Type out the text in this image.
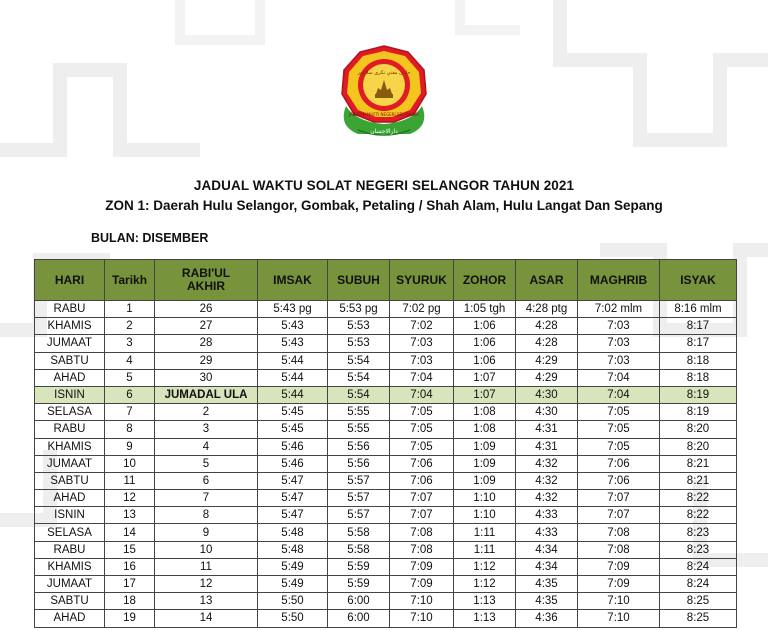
دارالاحسان
جابتن مفتي نڬري سلاڠور
JABATAN MUFTI NEGERI SELANGOR
JADUAL WAKTU SOLAT NEGERI SELANGOR TAHUN 2021
ZON 1: Daerah Hulu Selangor, Gombak, Petaling / Shah Alam, Hulu Langat Dan Sepang
BULAN: DISEMBER
HARI	Tarikh	RABI'UL AKHIR	IMSAK	SUBUH	SYURUK	ZOHOR	ASAR	MAGHRIB	ISYAK
RABU	1	26	5:43 pg	5:53 pg	7:02 pg	1:05 tgh	4:28 ptg	7:02 mlm	8:16 mlm
KHAMIS	2	27	5:43	5:53	7:02	1:06	4:28	7:03	8:17
JUMAAT	3	28	5:43	5:53	7:03	1:06	4:28	7:03	8:17
SABTU	4	29	5:44	5:54	7:03	1:06	4:29	7:03	8:18
AHAD	5	30	5:44	5:54	7:04	1:07	4:29	7:04	8:18
ISNIN	6	JUMADAL ULA	5:44	5:54	7:04	1:07	4:30	7:04	8:19
SELASA	7	2	5:45	5:55	7:05	1:08	4:30	7:05	8:19
RABU	8	3	5:45	5:55	7:05	1:08	4:31	7:05	8:20
KHAMIS	9	4	5:46	5:56	7:05	1:09	4:31	7:05	8:20
JUMAAT	10	5	5:46	5:56	7:06	1:09	4:32	7:06	8:21
SABTU	11	6	5:47	5:57	7:06	1:09	4:32	7:06	8:21
AHAD	12	7	5:47	5:57	7:07	1:10	4:32	7:07	8:22
ISNIN	13	8	5:47	5:57	7:07	1:10	4:33	7:07	8:22
SELASA	14	9	5:48	5:58	7:08	1:11	4:33	7:08	8:23
RABU	15	10	5:48	5:58	7:08	1:11	4:34	7:08	8:23
KHAMIS	16	11	5:49	5:59	7:09	1:12	4:34	7:09	8:24
JUMAAT	17	12	5:49	5:59	7:09	1:12	4:35	7:09	8:24
SABTU	18	13	5:50	6:00	7:10	1:13	4:35	7:10	8:25
AHAD	19	14	5:50	6:00	7:10	1:13	4:36	7:10	8:25
